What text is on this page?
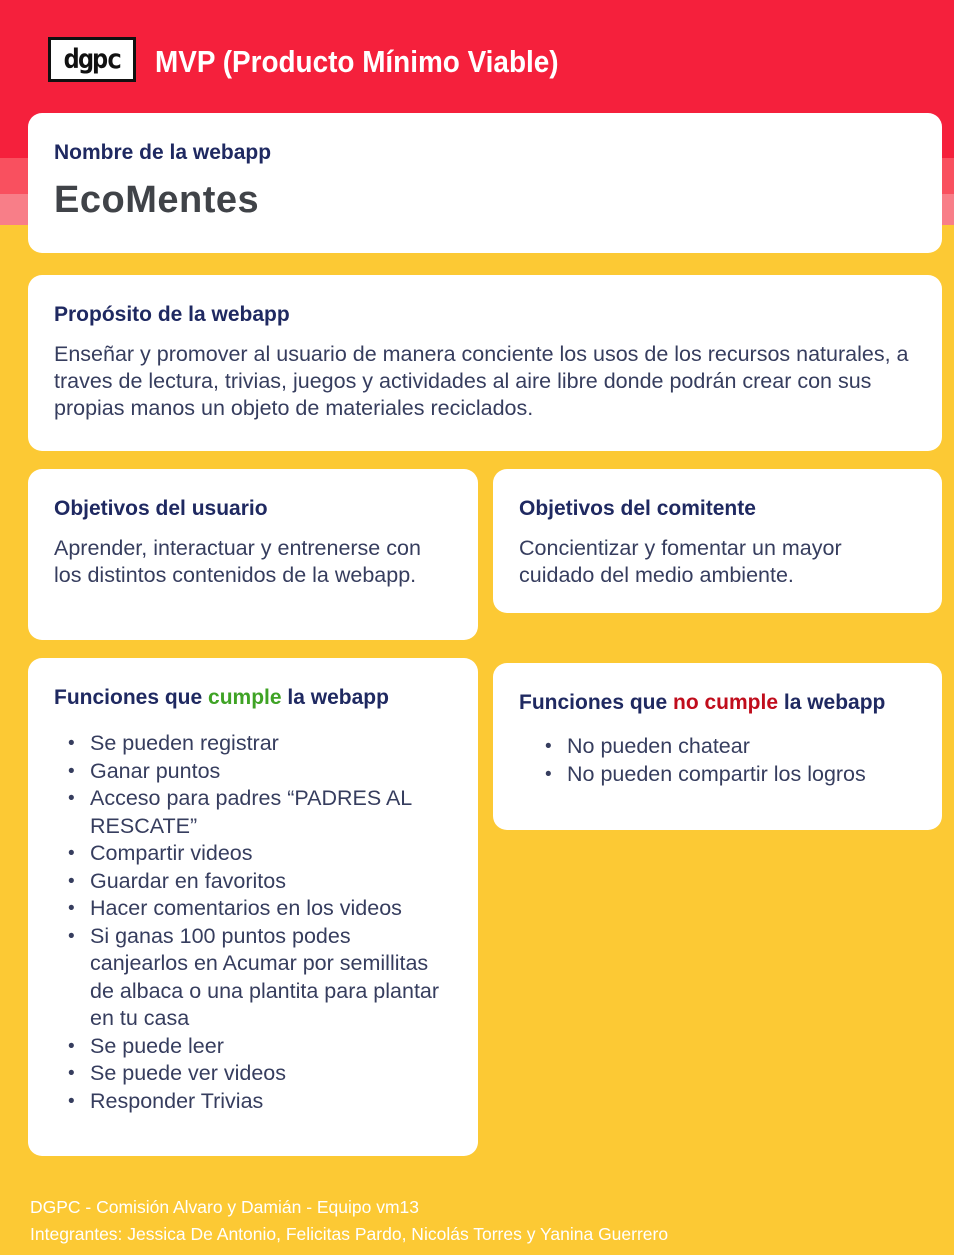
dgpc MVP (Producto Mínimo Viable)
Nombre de la webapp
EcoMentes
Propósito de la webapp

Enseñar y promover al usuario de manera conciente los usos de los recursos naturales, a traves de lectura, trivias, juegos y actividades al aire libre donde podrán crear con sus propias manos un objeto de materiales reciclados.

Objetivos del usuario

Aprender, interactuar y entrenerse con los distintos contenidos de la webapp.

Objetivos del comitente

Concientizar y fomentar un mayor cuidado del medio ambiente.

Funciones que cumple la webapp
• Se pueden registrar
• Ganar puntos
• Acceso para padres “PADRES AL RESCATE”
• Compartir videos
• Guardar en favoritos
• Hacer comentarios en los videos
• Si ganas 100 puntos podes canjearlos en Acumar por semillitas de albaca o una plantita para plantar en tu casa
• Se puede leer
• Se puede ver videos
• Responder Trivias
Funciones que no cumple la webapp
• No pueden chatear
• No pueden compartir los logros
DGPC - Comisión Alvaro y Damián - Equipo vm13
Integrantes: Jessica De Antonio, Felicitas Pardo, Nicolás Torres y Yanina Guerrero
